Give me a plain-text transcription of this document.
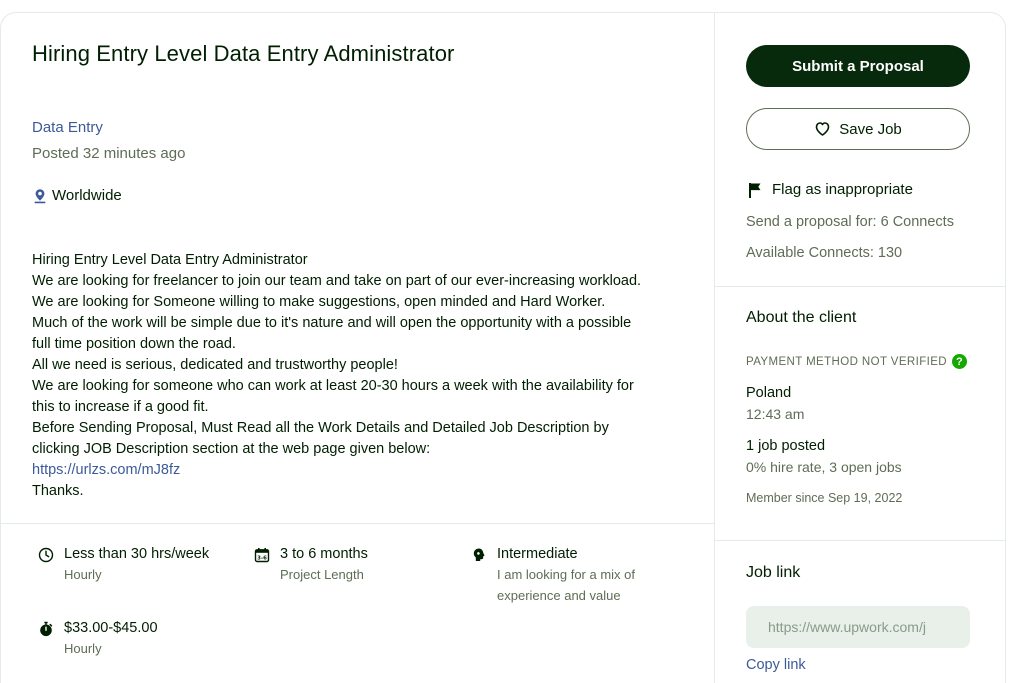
Hiring Entry Level Data Entry Administrator
Data Entry
Posted 32 minutes ago
Worldwide
Hiring Entry Level Data Entry Administrator
We are looking for freelancer to join our team and take on part of our ever-increasing workload.
We are looking for Someone willing to make suggestions, open minded and Hard Worker.
Much of the work will be simple due to it's nature and will open the opportunity with a possible
full time position down the road.
All we need is serious, dedicated and trustworthy people!
We are looking for someone who can work at least 20-30 hours a week with the availability for
this to increase if a good fit.
Before Sending Proposal, Must Read all the Work Details and Detailed Job Description by
clicking JOB Description section at the web page given below:
https://urlzs.com/mJ8fz
Thanks.
Less than 30 hrs/week
Hourly
3-6 3 to 6 months
Project Length
Intermediate
I am looking for a mix of experience and value
$33.00-$45.00
Hourly
Submit a Proposal
Save Job
Flag as inappropriate
Send a proposal for: 6 Connects
Available Connects: 130
About the client
PAYMENT METHOD NOT VERIFIED ?
Poland
12:43 am
1 job posted
0% hire rate, 3 open jobs
Member since Sep 19, 2022
Job link
https://www.upwork.com/j
Copy link
